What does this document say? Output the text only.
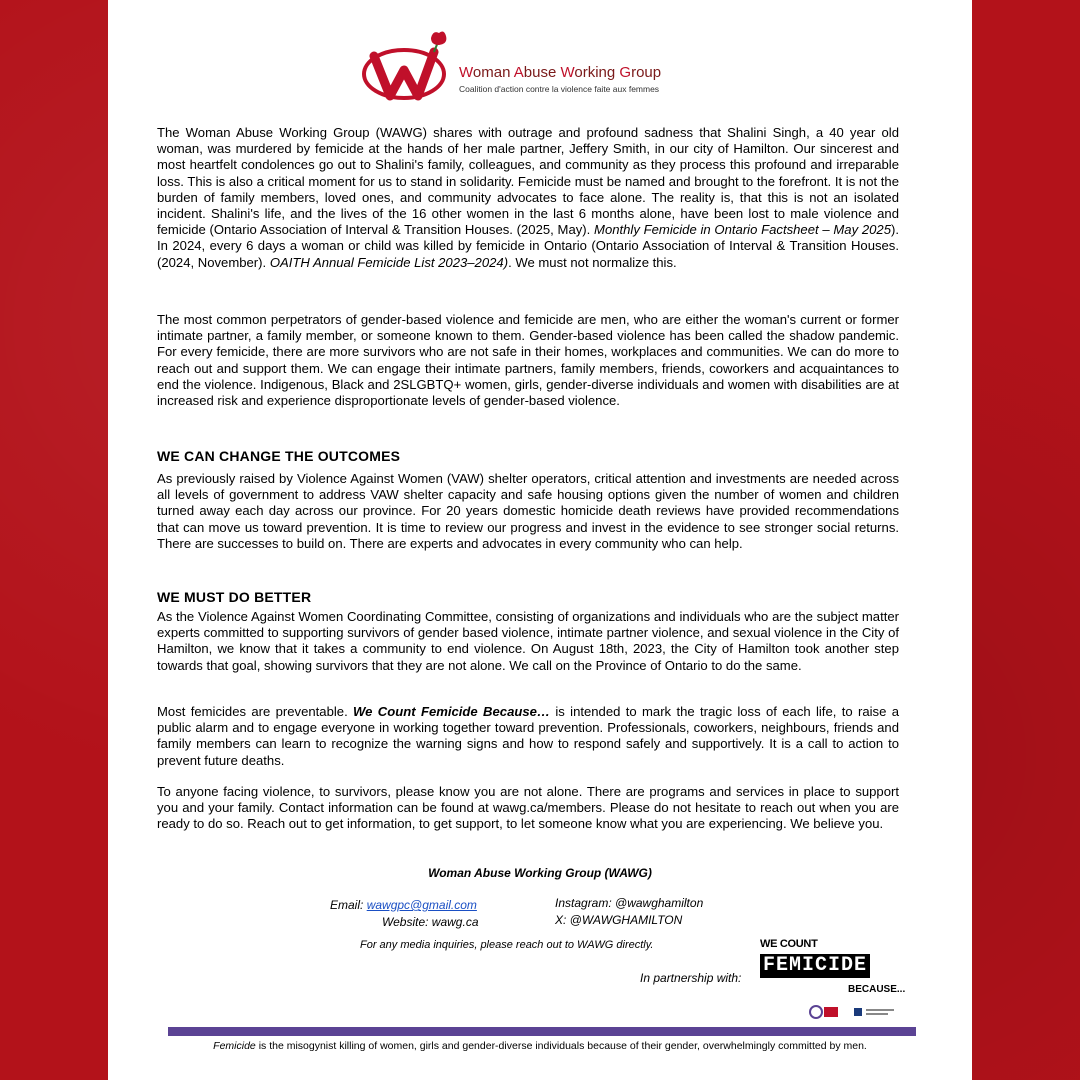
Woman Abuse Working Group
Coalition d'action contre la violence faite aux femmes

The Woman Abuse Working Group (WAWG) shares with outrage and profound sadness that Shalini Singh, a 40 year old woman, was murdered by femicide at the hands of her male partner, Jeffery Smith, in our city of Hamilton. Our sincerest and most heartfelt condolences go out to Shalini's family, colleagues, and community as they process this profound and irreparable loss. This is also a critical moment for us to stand in solidarity. Femicide must be named and brought to the forefront. It is not the burden of family members, loved ones, and community advocates to face alone. The reality is, that this is not an isolated incident. Shalini's life, and the lives of the 16 other women in the last 6 months alone, have been lost to male violence and femicide (Ontario Association of Interval & Transition Houses. (2025, May). Monthly Femicide in Ontario Factsheet – May 2025). In 2024, every 6 days a woman or child was killed by femicide in Ontario (Ontario Association of Interval & Transition Houses. (2024, November). OAITH Annual Femicide List 2023–2024). We must not normalize this.

The most common perpetrators of gender-based violence and femicide are men, who are either the woman's current or former intimate partner, a family member, or someone known to them. Gender-based violence has been called the shadow pandemic. For every femicide, there are more survivors who are not safe in their homes, workplaces and communities. We can do more to reach out and support them. We can engage their intimate partners, family members, friends, coworkers and acquaintances to end the violence. Indigenous, Black and 2SLGBTQ+ women, girls, gender-diverse individuals and women with disabilities are at increased risk and experience disproportionate levels of gender-based violence.

WE CAN CHANGE THE OUTCOMES

As previously raised by Violence Against Women (VAW) shelter operators, critical attention and investments are needed across all levels of government to address VAW shelter capacity and safe housing options given the number of women and children turned away each day across our province. For 20 years domestic homicide death reviews have provided recommendations that can move us toward prevention. It is time to review our progress and invest in the evidence to see stronger social returns. There are successes to build on. There are experts and advocates in every community who can help.

WE MUST DO BETTER

As the Violence Against Women Coordinating Committee, consisting of organizations and individuals who are the subject matter experts committed to supporting survivors of gender based violence, intimate partner violence, and sexual violence in the City of Hamilton, we know that it takes a community to end violence. On August 18th, 2023, the City of Hamilton took another step towards that goal, showing survivors that they are not alone. We call on the Province of Ontario to do the same.

Most femicides are preventable. We Count Femicide Because… is intended to mark the tragic loss of each life, to raise a public alarm and to engage everyone in working together toward prevention. Professionals, coworkers, neighbours, friends and family members can learn to recognize the warning signs and how to respond safely and supportively. It is a call to action to prevent future deaths.

To anyone facing violence, to survivors, please know you are not alone. There are programs and services in place to support you and your family. Contact information can be found at wawg.ca/members. Please do not hesitate to reach out when you are ready to do so. Reach out to get information, to get support, to let someone know what you are experiencing. We believe you.

Woman Abuse Working Group (WAWG)
Email: wawgpc@gmail.com
Website: wawg.ca
Instagram: @wawghamilton
X: @WAWGHAMILTON
For any media inquiries, please reach out to WAWG directly.
In partnership with:
WE COUNT
FEMICIDE
BECAUSE...
Femicide is the misogynist killing of women, girls and gender-diverse individuals because of their gender, overwhelmingly committed by men.
